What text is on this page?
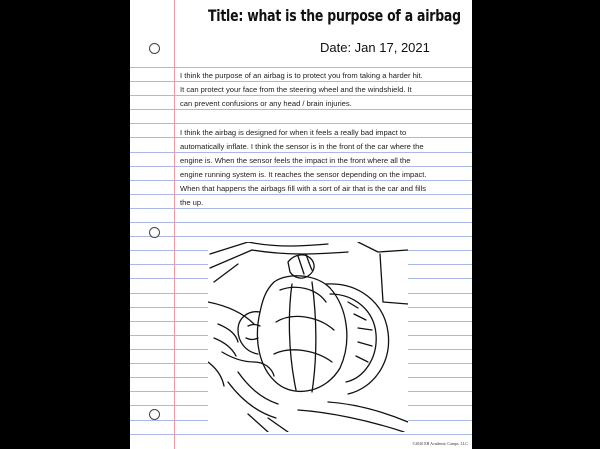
Title: what is the purpose of a airbag

Date: Jan 17, 2021

I think the purpose of an airbag is to protect you from taking a harder hit.
It can protect your face from the steering wheel and the windshield. It
can prevent confusions or any head / brain injuries.

I think the airbag is designed for when it feels a really bad impact to
automatically inflate. I think the sensor is in the front of the car where the
engine is. When the sensor feels the impact in the front where all the
engine running system is. It reaches the sensor depending on the impact.
When that happens the airbags fill with a sort of air that is the car and fills
the up.

©2020 EB Academic Camps, LLC
